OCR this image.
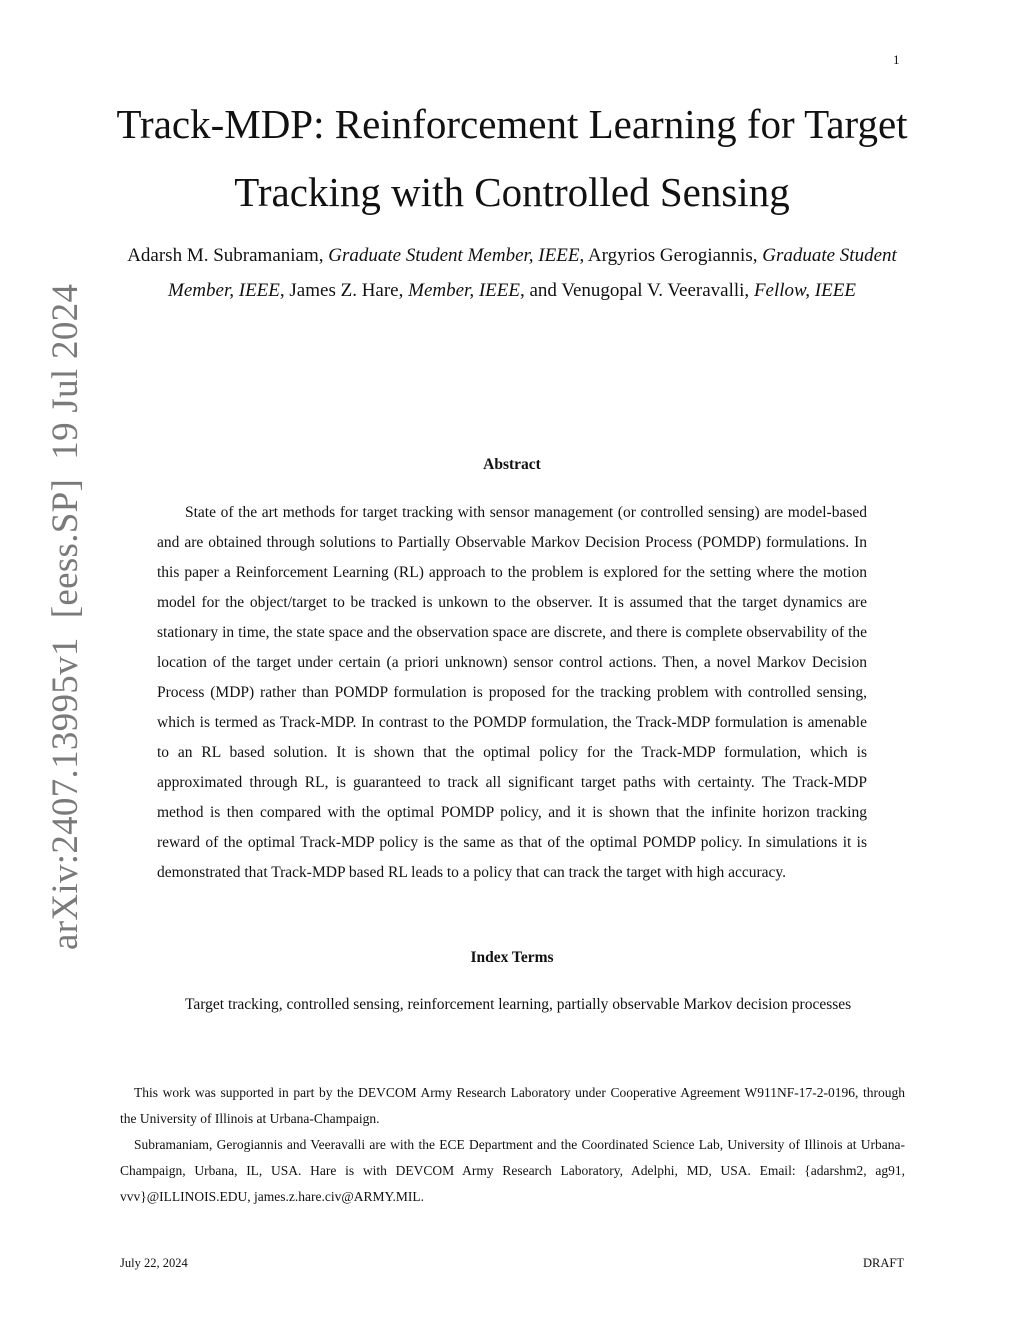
1
arXiv:2407.13995v1  [eess.SP]  19 Jul 2024
Track-MDP: Reinforcement Learning for Target Tracking with Controlled Sensing
Adarsh M. Subramaniam, Graduate Student Member, IEEE, Argyrios Gerogiannis, Graduate Student Member, IEEE, James Z. Hare, Member, IEEE, and Venugopal V. Veeravalli, Fellow, IEEE
Abstract

State of the art methods for target tracking with sensor management (or controlled sensing) are model-based and are obtained through solutions to Partially Observable Markov Decision Process (POMDP) formulations. In this paper a Reinforcement Learning (RL) approach to the problem is explored for the setting where the motion model for the object/target to be tracked is unkown to the observer. It is assumed that the target dynamics are stationary in time, the state space and the observation space are discrete, and there is complete observability of the location of the target under certain (a priori unknown) sensor control actions. Then, a novel Markov Decision Process (MDP) rather than POMDP formulation is proposed for the tracking problem with controlled sensing, which is termed as Track-MDP. In contrast to the POMDP formulation, the Track-MDP formulation is amenable to an RL based solution. It is shown that the optimal policy for the Track-MDP formulation, which is approximated through RL, is guaranteed to track all significant target paths with certainty. The Track-MDP method is then compared with the optimal POMDP policy, and it is shown that the infinite horizon tracking reward of the optimal Track-MDP policy is the same as that of the optimal POMDP policy. In simulations it is demonstrated that Track-MDP based RL leads to a policy that can track the target with high accuracy.

Index Terms

Target tracking, controlled sensing, reinforcement learning, partially observable Markov decision processes

This work was supported in part by the DEVCOM Army Research Laboratory under Cooperative Agreement W911NF-17-2-0196, through the University of Illinois at Urbana-Champaign.

Subramaniam, Gerogiannis and Veeravalli are with the ECE Department and the Coordinated Science Lab, University of Illinois at Urbana-Champaign, Urbana, IL, USA. Hare is with DEVCOM Army Research Laboratory, Adelphi, MD, USA. Email: {adarshm2, ag91, vvv}@ILLINOIS.EDU, james.z.hare.civ@ARMY.MIL.

July 22, 2024	DRAFT
